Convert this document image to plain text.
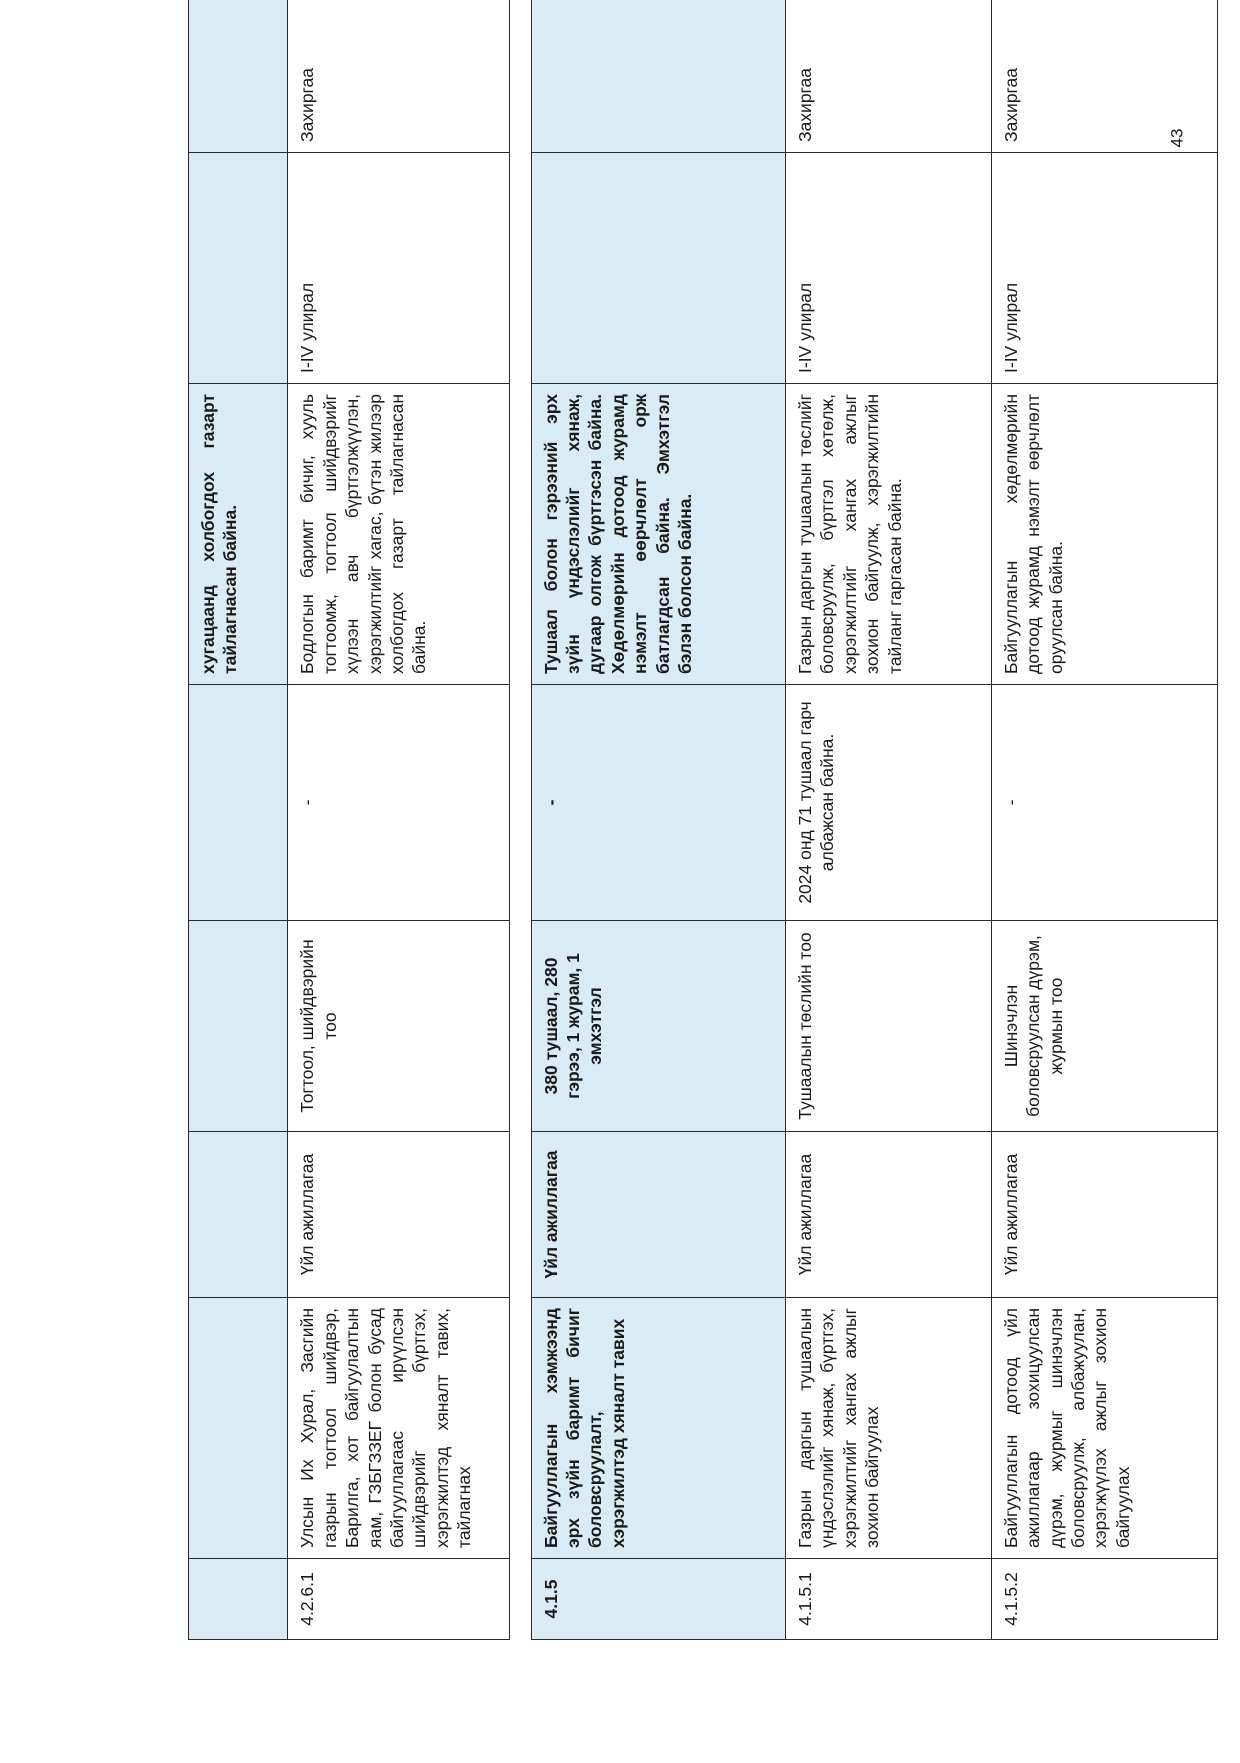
43
					хугацаанд холбогдох газарт тайлагнасан байна.		
4.2.6.1	Улсын Их Хурал, Засгийн газрын тогтоол шийдвэр, Барилга, хот байгуулалтын яам, ГЗБГЗЗЕГ болон бусад байгууллагаас ирүүлсэн шийдвэрийг бүртгэх, хэрэгжилтэд хяналт тавих, тайлагнах	Үйл ажиллагаа	Тогтоол, шийдвэрийн тоо	-	Бодлогын баримт бичиг, хууль тогтоомж, тогтоол шийдвэрийг хүлээн авч бүртгэлжүүлэн, хэрэгжилтийг хагас, бүтэн жилээр холбогдох газарт тайлагнасан байна.	I-IV улирал	Захиргаа

4.1.5	Байгууллагын хэмжээнд эрх зүйн баримт бичиг боловсруулалт, хэрэгжилтэд хяналт тавих	Үйл ажиллагаа	380 тушаал, 280 гэрээ, 1 журам, 1 эмхэтгэл	-	Тушаал болон гэрээний эрх зүйн үндэслэлийг хянаж, дугаар олгож бүртгэсэн байна. Хөдөлмөрийн дотоод журамд нэмэлт өөрчлөлт орж батлагдсан байна. Эмхэтгэл бэлэн болсон байна.		
4.1.5.1	Газрын даргын тушаалын үндэслэлийг хянаж, бүртгэх, хэрэгжилтийг хангах ажлыг зохион байгуулах	Үйл ажиллагаа	Тушаалын төслийн тоо	2024 онд 71 тушаал гарч албажсан байна.	Газрын даргын тушаалын төслийг боловсруулж, бүртгэл хөтөлж, хэрэгжилтийг хангах ажлыг зохион байгуулж, хэрэгжилтийн тайланг гаргасан байна.	I-IV улирал	Захиргаа
4.1.5.2	Байгууллагын дотоод үйл ажиллагаар зохицуулсан дүрэм, журмыг шинэчлэн боловсруулж, албажуулан, хэрэгжүүлэх ажлыг зохион байгуулах	Үйл ажиллагаа	Шинэчлэн боловсруулсан дүрэм, журмын тоо	-	Байгууллагын хөдөлмөрийн дотоод журамд нэмэлт өөрчлөлт оруулсан байна.	I-IV улирал	Захиргаа
